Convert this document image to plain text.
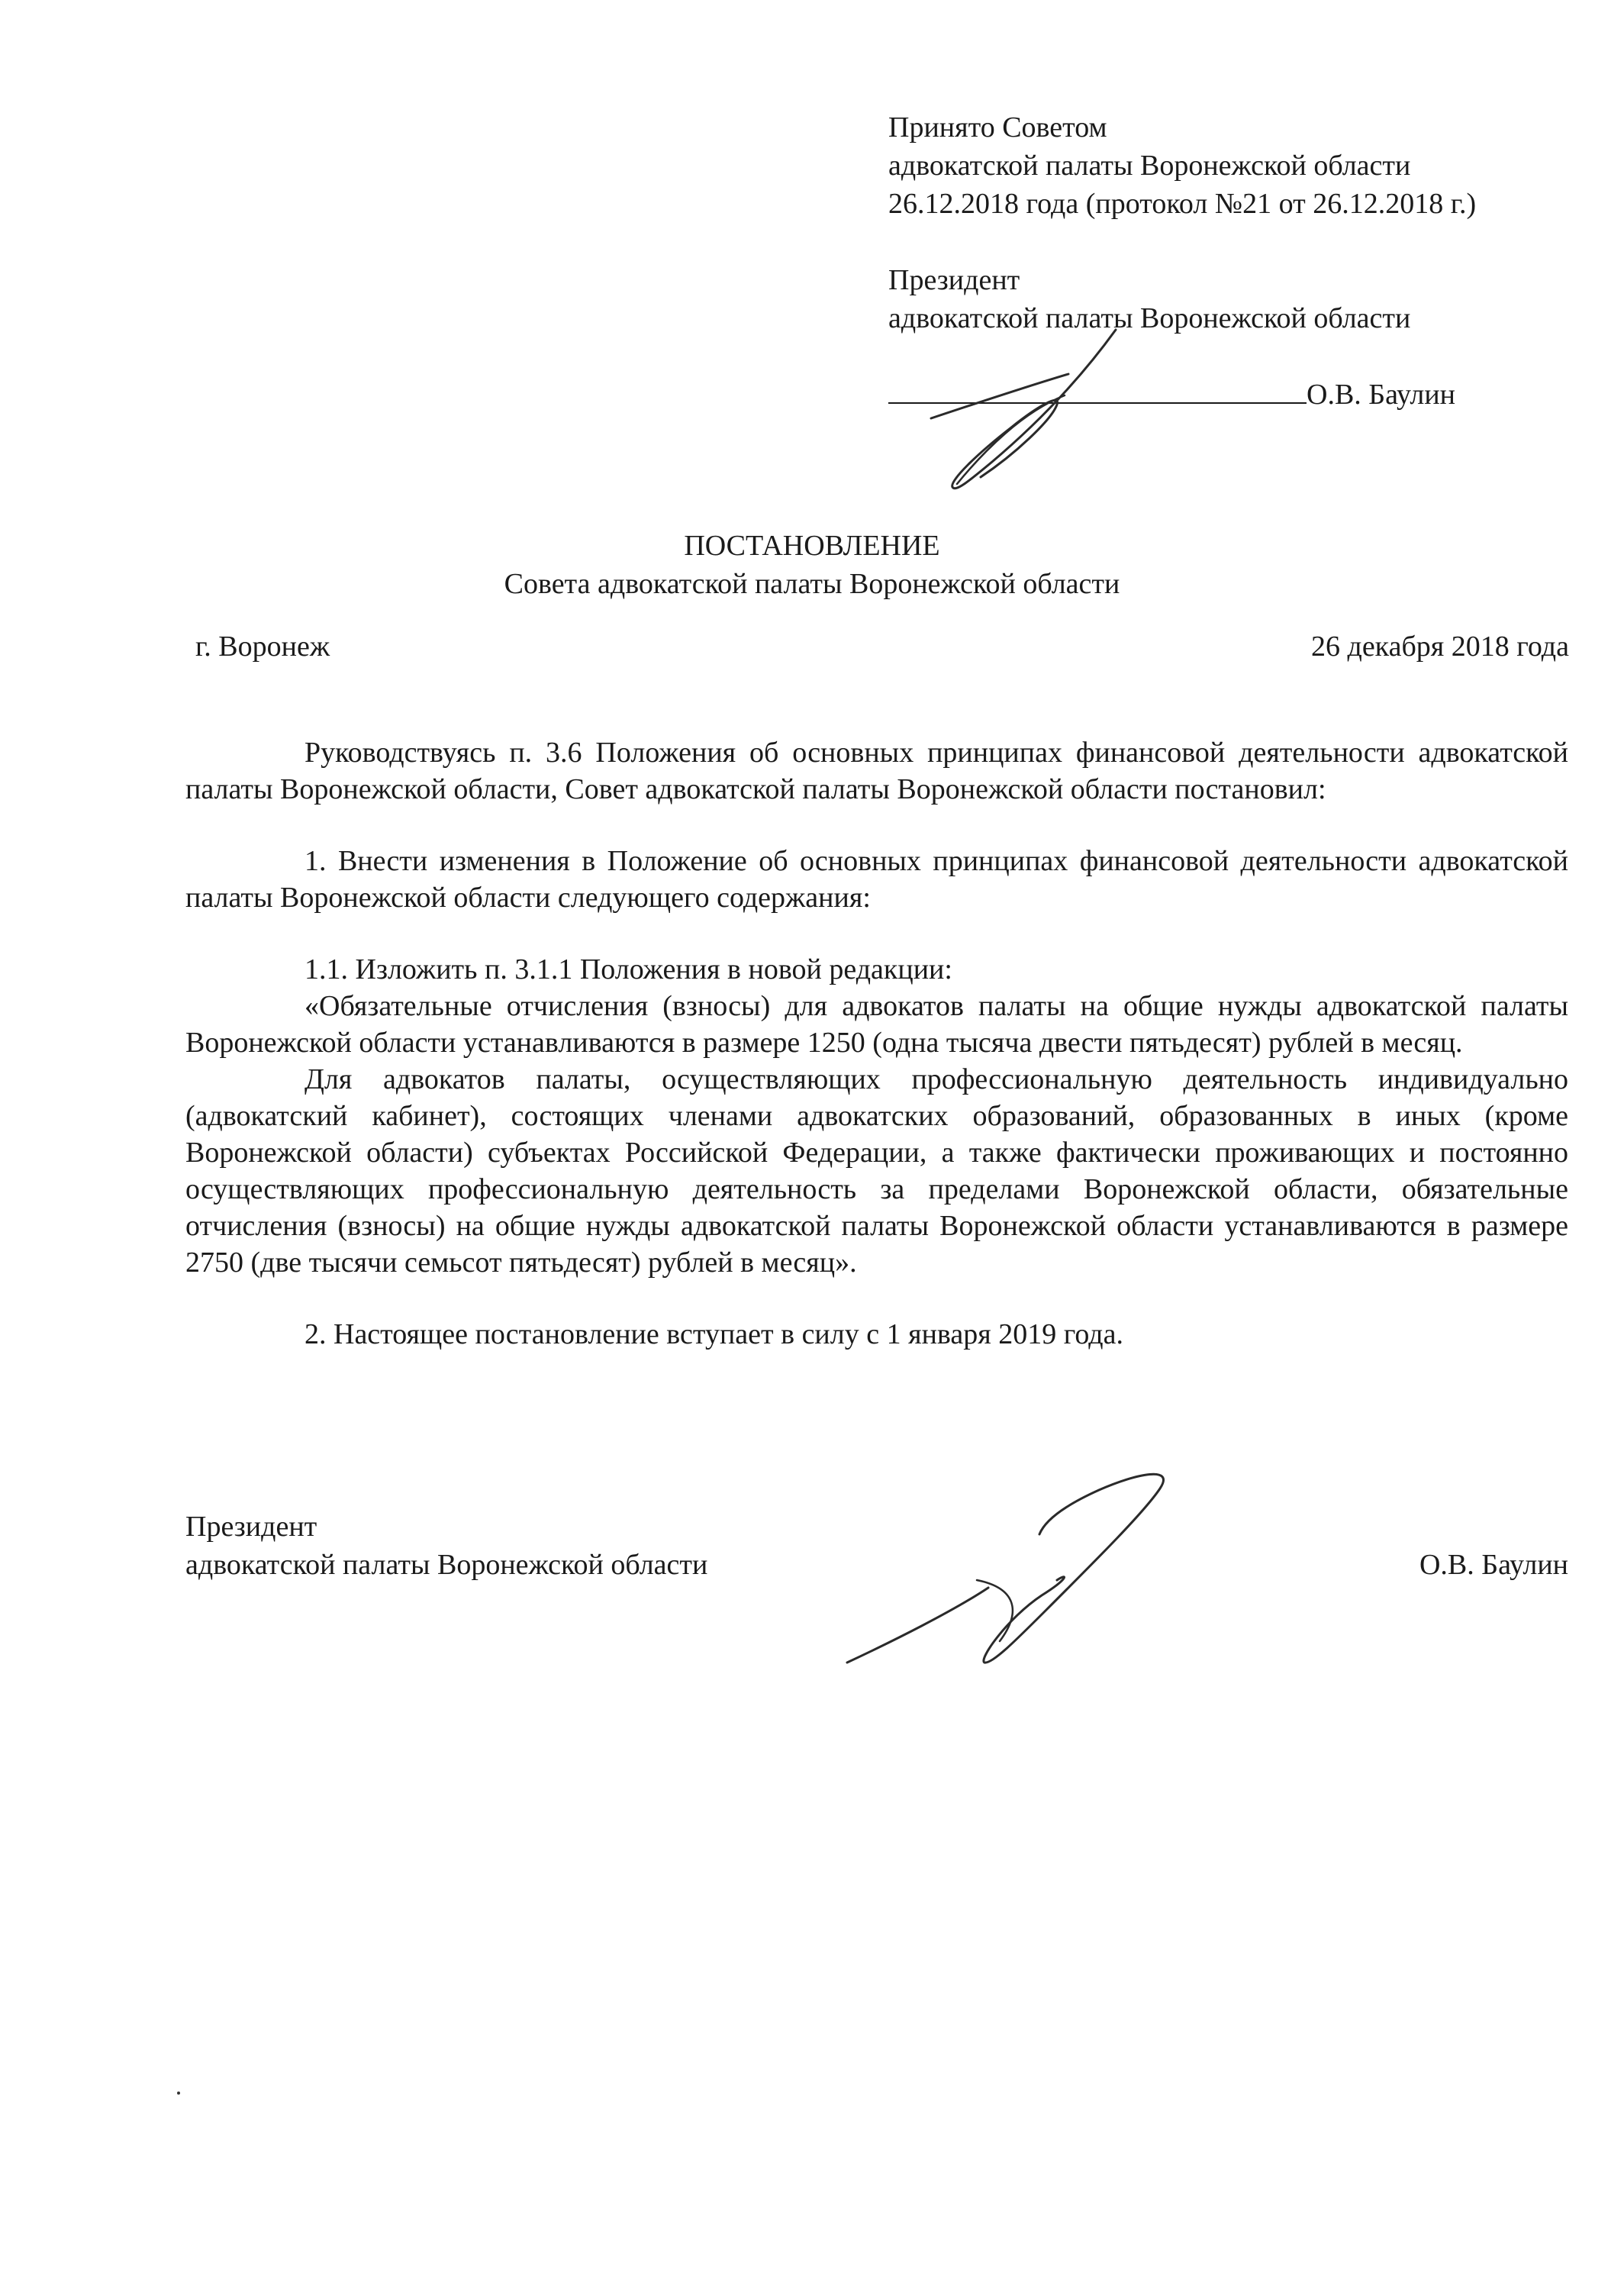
Принято Советом
адвокатской палаты Воронежской области
26.12.2018 года (протокол №21 от 26.12.2018 г.)
Президент
адвокатской палаты Воронежской области
О.В. Баулин
ПОСТАНОВЛЕНИЕ
Совета адвокатской палаты Воронежской области
г. Воронеж	26 декабря 2018 года

Руководствуясь п. 3.6 Положения об основных принципах финансовой деятельности адвокатской палаты Воронежской области, Совет адвокатской палаты Воронежской области постановил:

1. Внести изменения в Положение об основных принципах финансовой деятельности адвокатской палаты Воронежской области следующего содержания:

1.1. Изложить п. 3.1.1 Положения в новой редакции:

«Обязательные отчисления (взносы) для адвокатов палаты на общие нужды адвокатской палаты Воронежской области устанавливаются в размере 1250 (одна тысяча двести пятьдесят) рублей в месяц.

Для адвокатов палаты, осуществляющих профессиональную деятельность индивидуально (адвокатский кабинет), состоящих членами адвокатских образований, образованных в иных (кроме Воронежской области) субъектах Российской Федерации, а также фактически проживающих и постоянно осуществляющих профессиональную деятельность за пределами Воронежской области, обязательные отчисления (взносы) на общие нужды адвокатской палаты Воронежской области устанавливаются в размере 2750 (две тысячи семьсот пятьдесят) рублей в месяц».

2. Настоящее постановление вступает в силу с 1 января 2019 года.

Президент
адвокатской палаты Воронежской области	О.В. Баулин
